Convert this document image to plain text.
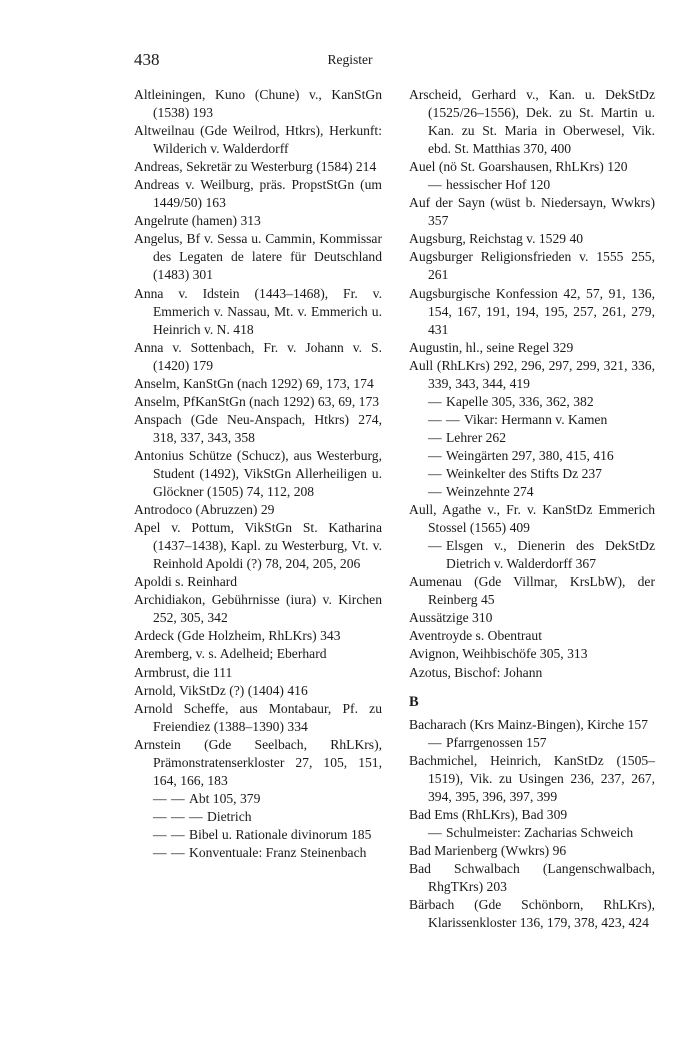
438	Register

Altleiningen, Kuno (Chune) v., KanStGn (1538) 193

Altweilnau (Gde Weilrod, Htkrs), Herkunft: Wilderich v. Walderdorff

Andreas, Sekretär zu Westerburg (1584) 214

Andreas v. Weilburg, präs. PropstStGn (um 1449/50) 163

Angelrute (hamen) 313

Angelus, Bf v. Sessa u. Cammin, Kommissar des Legaten de latere für Deutschland (1483) 301

Anna v. Idstein (1443–1468), Fr. v. Emmerich v. Nassau, Mt. v. Emmerich u. Heinrich v. N. 418

Anna v. Sottenbach, Fr. v. Johann v. S. (1420) 179

Anselm, KanStGn (nach 1292) 69, 173, 174

Anselm, PfKanStGn (nach 1292) 63, 69, 173

Anspach (Gde Neu-Anspach, Htkrs) 274, 318, 337, 343, 358

Antonius Schütze (Schucz), aus Westerburg, Student (1492), VikStGn Allerheiligen u. Glöckner (1505) 74, 112, 208

Antrodoco (Abruzzen) 29

Apel v. Pottum, VikStGn St. Katharina (1437–1438), Kapl. zu Westerburg, Vt. v. Reinhold Apoldi (?) 78, 204, 205, 206

Apoldi s. Reinhard

Archidiakon, Gebührnisse (iura) v. Kirchen 252, 305, 342

Ardeck (Gde Holzheim, RhLKrs) 343

Aremberg, v. s. Adelheid; Eberhard

Armbrust, die 111

Arnold, VikStDz (?) (1404) 416

Arnold Scheffe, aus Montabaur, Pf. zu Freiendiez (1388–1390) 334

Arnstein (Gde Seelbach, RhLKrs), Prämonstratenserkloster 27, 105, 151, 164, 166, 183

— — Abt 105, 379

— — — Dietrich

— — Bibel u. Rationale divinorum 185

— — Konventuale: Franz Steinenbach

Arscheid, Gerhard v., Kan. u. DekStDz (1525/26–1556), Dek. zu St. Martin u. Kan. zu St. Maria in Oberwesel, Vik. ebd. St. Matthias 370, 400

Auel (nö St. Goarshausen, RhLKrs) 120

— hessischer Hof 120

Auf der Sayn (wüst b. Niedersayn, Wwkrs) 357

Augsburg, Reichstag v. 1529 40

Augsburger Religionsfrieden v. 1555 255, 261

Augsburgische Konfession 42, 57, 91, 136, 154, 167, 191, 194, 195, 257, 261, 279, 431

Augustin, hl., seine Regel 329

Aull (RhLKrs) 292, 296, 297, 299, 321, 336, 339, 343, 344, 419

— Kapelle 305, 336, 362, 382

— — Vikar: Hermann v. Kamen

— Lehrer 262

— Weingärten 297, 380, 415, 416

— Weinkelter des Stifts Dz 237

— Weinzehnte 274

Aull, Agathe v., Fr. v. KanStDz Emmerich Stossel (1565) 409

— Elsgen v., Dienerin des DekStDz Dietrich v. Walderdorff 367

Aumenau (Gde Villmar, KrsLbW), der Reinberg 45

Aussätzige 310

Aventroyde s. Obentraut

Avignon, Weihbischöfe 305, 313

Azotus, Bischof: Johann

B

Bacharach (Krs Mainz-Bingen), Kirche 157

— Pfarrgenossen 157

Bachmichel, Heinrich, KanStDz (1505–1519), Vik. zu Usingen 236, 237, 267, 394, 395, 396, 397, 399

Bad Ems (RhLKrs), Bad 309

— Schulmeister: Zacharias Schweich

Bad Marienberg (Wwkrs) 96

Bad Schwalbach (Langenschwalbach, RhgTKrs) 203

Bärbach (Gde Schönborn, RhLKrs), Klarissenkloster 136, 179, 378, 423, 424
